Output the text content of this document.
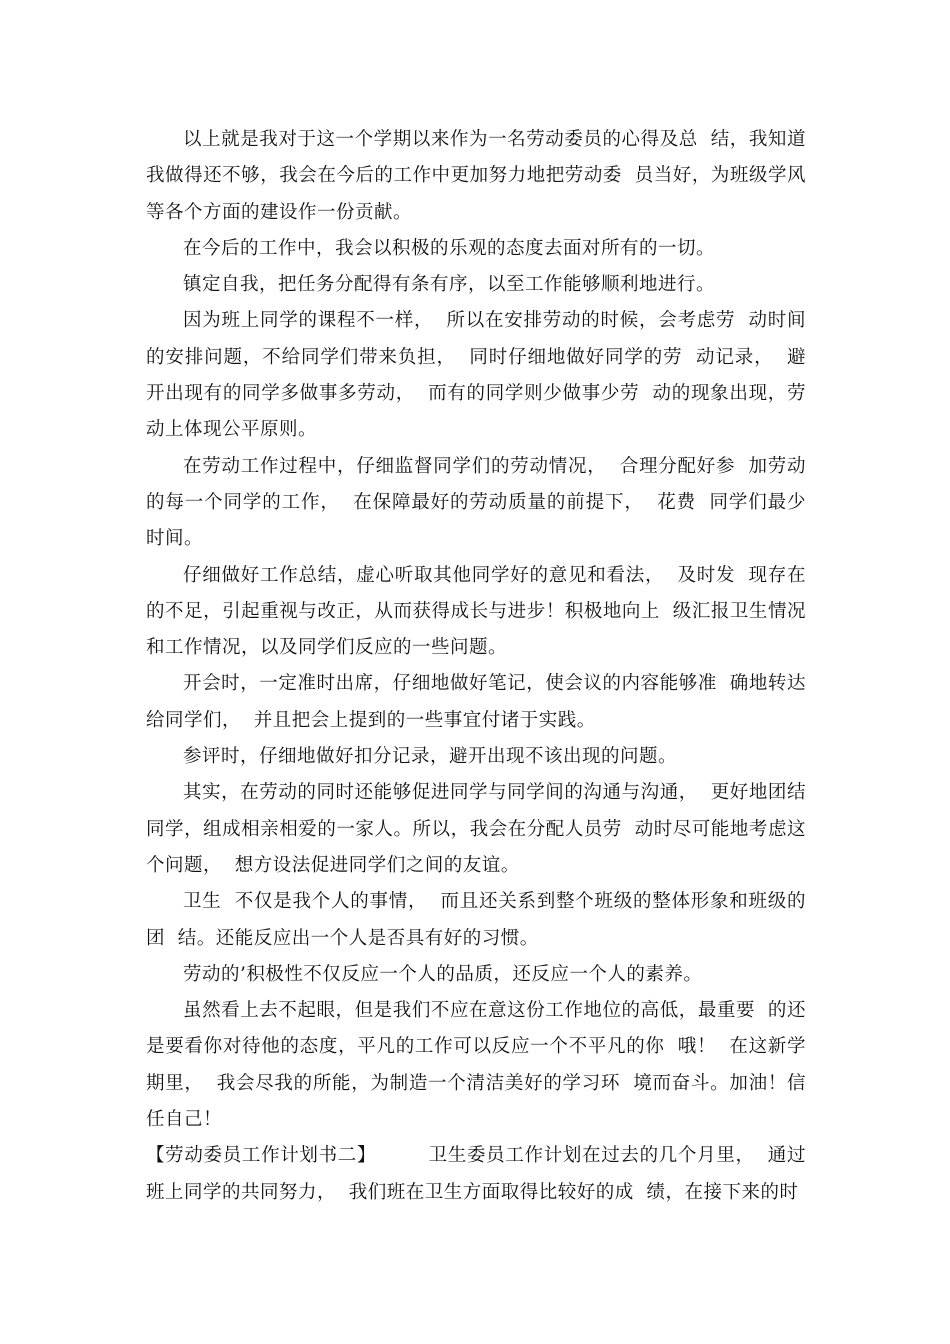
以上就是我对于这一个学期以来作为一名劳动委员的心得及总  结，我知道我做得还不够，我会在今后的工作中更加努力地把劳动委  员当好，为班级学风等各个方面的建设作一份贡献。

在今后的工作中，我会以积极的乐观的态度去面对所有的一切。

镇定自我，把任务分配得有条有序，以至工作能够顺利地进行。

因为班上同学的课程不一样，  所以在安排劳动的时候，会考虑劳  动时间的安排问题，不给同学们带来负担，  同时仔细地做好同学的劳  动记录，  避开出现有的同学多做事多劳动，  而有的同学则少做事少劳  动的现象出现，劳动上体现公平原则。

在劳动工作过程中，仔细监督同学们的劳动情况，  合理分配好参  加劳动的每一个同学的工作，  在保障最好的劳动质量的前提下，  花费  同学们最少时间。

仔细做好工作总结，虚心听取其他同学好的意见和看法，  及时发  现存在的不足，引起重视与改正，从而获得成长与进步！积极地向上  级汇报卫生情况和工作情况，以及同学们反应的一些问题。

开会时，一定准时出席，仔细地做好笔记，使会议的内容能够准  确地转达给同学们，  并且把会上提到的一些事宜付诸于实践。

参评时，仔细地做好扣分记录，避开出现不该出现的问题。

其实，在劳动的同时还能够促进同学与同学间的沟通与沟通，  更好地团结同学，组成相亲相爱的一家人。所以，我会在分配人员劳  动时尽可能地考虑这个问题，  想方设法促进同学们之间的友谊。

卫生  不仅是我个人的事情，  而且还关系到整个班级的整体形象和班级的团  结。还能反应出一个人是否具有好的习惯。

劳动的’积极性不仅反应一个人的品质，还反应一个人的素养。

虽然看上去不起眼，但是我们不应在意这份工作地位的高低，最重要  的还是要看你对待他的态度，平凡的工作可以反应一个不平凡的你  哦！  在这新学期里，  我会尽我的所能，为制造一个清洁美好的学习环  境而奋斗。加油！信任自己！

【劳动委员工作计划书二】        卫生委员工作计划在过去的几个月里，  通过班上同学的共同努力，  我们班在卫生方面取得比较好的成  绩，在接下来的时
